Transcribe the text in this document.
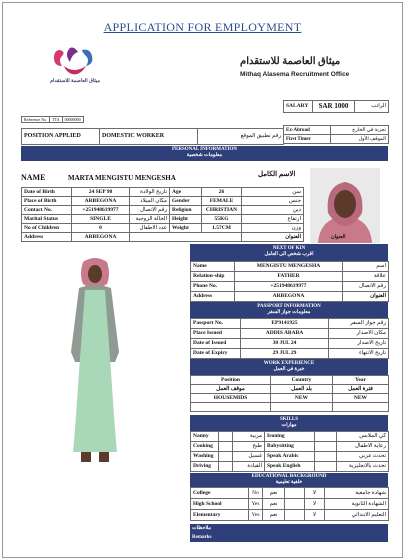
APPLICATION FOR EMPLOYMENT
ميثاق العاصمة للاستقدام
ميثاق العاصمة للاستقدام
Mithaq Alasema Recruitment Office
Reference No.	TTA	00000000
SALARY	SAR 1000	الراتب
POSITION APPLIED	DOMESTIC WORKER	رقم تطبيق الموقع
Ex-Abroad	تجربة في الخارج
First Timer	الموقف الأول
PERSONAL INFORMATION
معلومات شخصية
NAME	MARTA MENGISTU MENGESHA	الاسم الكامل
Date of Birth	24 SEP 98	تاريخ الولادة	Age	26	سن
Place of Birth	ARBEGONA	مكان الميلاد	Gender	FEMALE	جنس
Contact No.	+251948619977	رقم الاتصال	Religion	CHRISTIAN	دين
Marital Status	SINGLE	الحالة الزوجية	Height	55KG	ارتفاع
No of Children	0	عدد الاطفال	Weight	1.57CM	وزن
Address	ARBEGONA				العنوان	العنوان
NEXT OF KIN
اقرب شخص الى العامل
Name	MENGISTU MENGESHA	اسم
Relation-ship	FATHER	علاقة
Phone No.	+251948619977	رقم الاتصال
Address	ARBEGONA	العنوان
PASSPORT INFORMATION
معلومات جواز السفر
Passport No.	EP9141925	رقم جواز السفر
Place Issued	ADDIS ABABA	مكان الاصدار
Date of Issued	30 JUL 24	تاريخ الاصدار
Date of Expiry	29 JUL 29	تاريخ الانتهاء
WORK EXPERIENCE
خبرة في العمل
Position	Country	Year
موقف العمل	بلد العمل	فترة العمل
HOUSEMIDS	NEW	NEW

SKILLS
مهارات
Nanny		مربية	Ironing		كي الملابس
Cooking		طبخ	Babysitting		رعاية الاطفال
Washing		غسيل	Speak Arabic		تحدث عربي
Driving		القيادة	Speak English		تحدث بالانجليزية
EDUCATIONAL BACKGROUND
خلفية تعليمية
College	No	نعم		لا	شهادة جامعية
High School	Yes	نعم		لا	الشهادة الثانوية
Elementary	Yes	نعم		لا	التعليم الابتدائي
ملاحظات
Remarks
